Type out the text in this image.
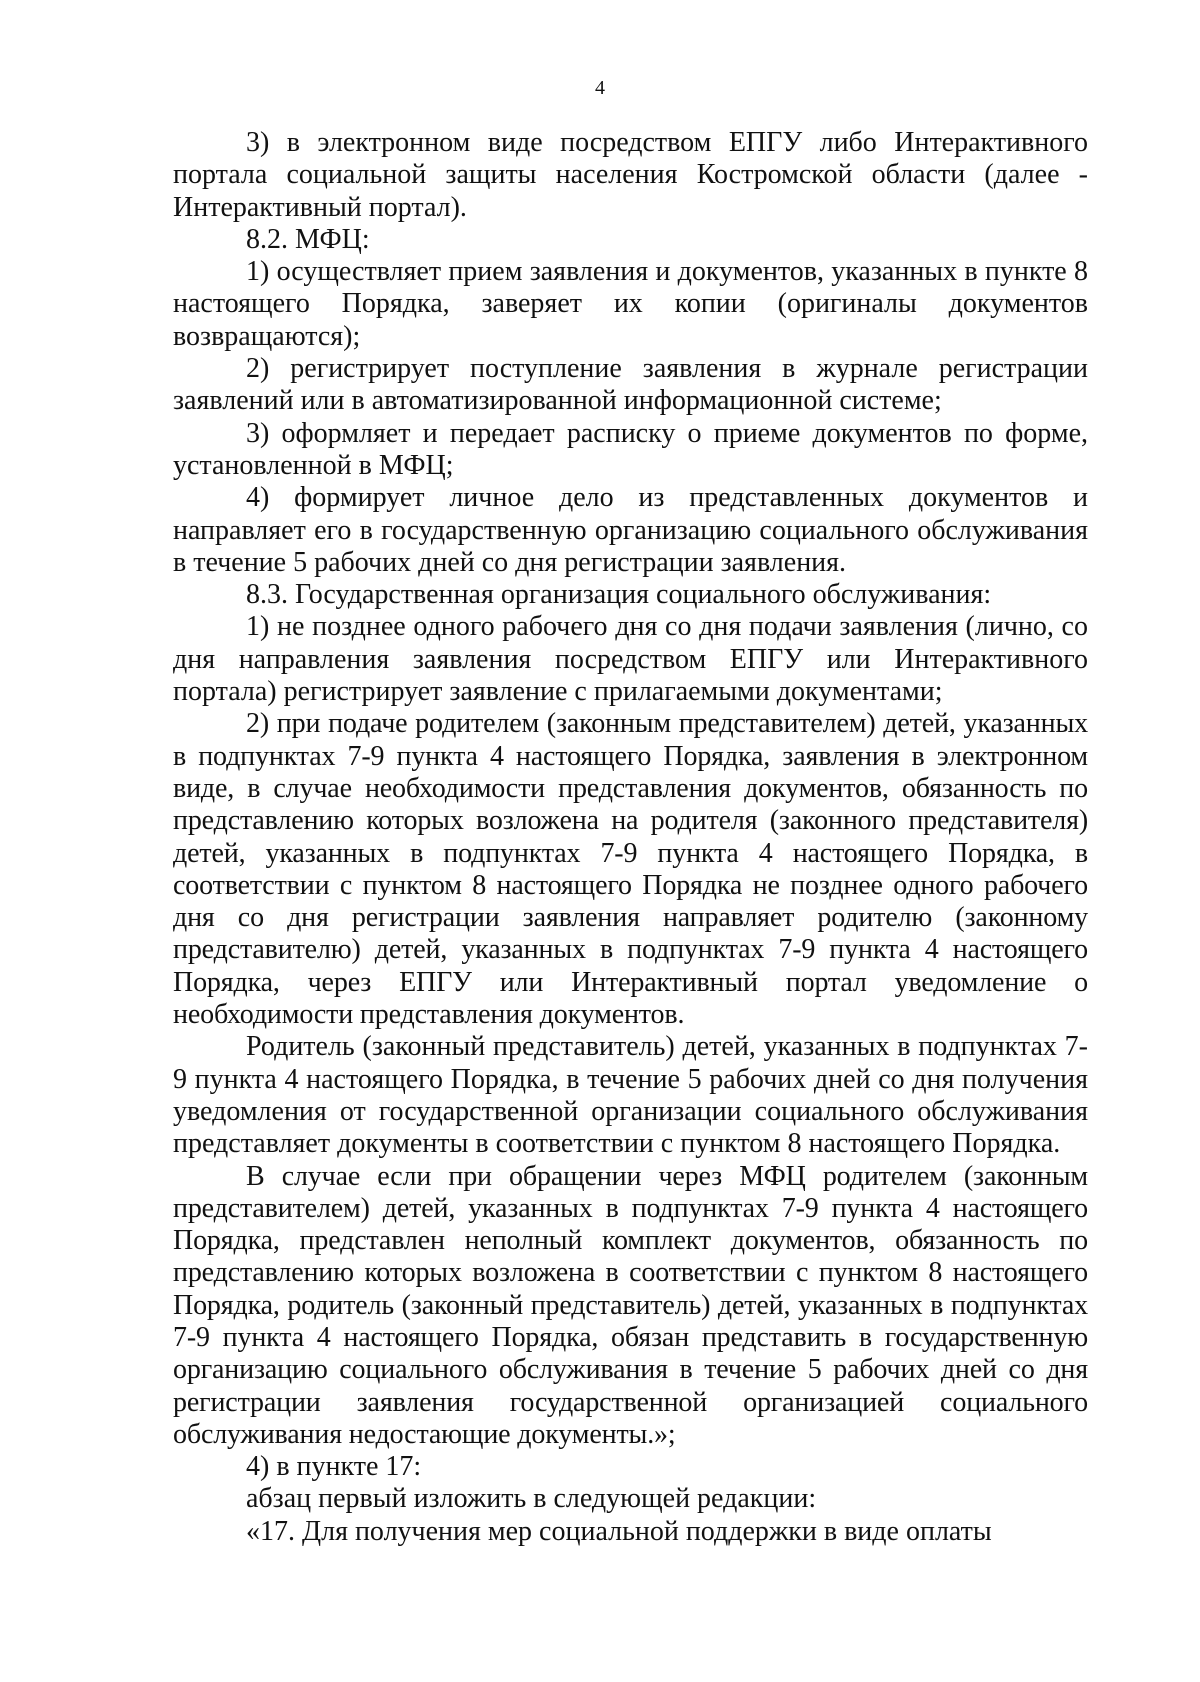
4

3) в электронном виде посредством ЕПГУ либо Интерактивного портала социальной защиты населения Костромской области (далее - Интерактивный портал).

8.2. МФЦ:

1) осуществляет прием заявления и документов, указанных в пункте 8 настоящего Порядка, заверяет их копии (оригиналы документов возвращаются);

2) регистрирует поступление заявления в журнале регистрации заявлений или в автоматизированной информационной системе;

3) оформляет и передает расписку о приеме документов по форме, установленной в МФЦ;

4) формирует личное дело из представленных документов и направляет его в государственную организацию социального обслуживания в течение 5 рабочих дней со дня регистрации заявления.

8.3. Государственная организация социального обслуживания:

1) не позднее одного рабочего дня со дня подачи заявления (лично, со дня направления заявления посредством ЕПГУ или Интерактивного портала) регистрирует заявление с прилагаемыми документами;

2) при подаче родителем (законным представителем) детей, указанных в подпунктах 7-9 пункта 4 настоящего Порядка, заявления в электронном виде, в случае необходимости представления документов, обязанность по представлению которых возложена на родителя (законного представителя) детей, указанных в подпунктах 7-9 пункта 4 настоящего Порядка, в соответствии с пунктом 8 настоящего Порядка не позднее одного рабочего дня со дня регистрации заявления направляет родителю (законному представителю) детей, указанных в подпунктах 7-9 пункта 4 настоящего Порядка, через ЕПГУ или Интерактивный портал уведомление о необходимости представления документов.

Родитель (законный представитель) детей, указанных в подпунктах 7-9 пункта 4 настоящего Порядка, в течение 5 рабочих дней со дня получения уведомления от государственной организации социального обслуживания представляет документы в соответствии с пунктом 8 настоящего Порядка.

В случае если при обращении через МФЦ родителем (законным представителем) детей, указанных в подпунктах 7-9 пункта 4 настоящего Порядка, представлен неполный комплект документов, обязанность по представлению которых возложена в соответствии с пунктом 8 настоящего Порядка, родитель (законный представитель) детей, указанных в подпунктах 7-9 пункта 4 настоящего Порядка, обязан представить в государственную организацию социального обслуживания в течение 5 рабочих дней со дня регистрации заявления государственной организацией социального обслуживания недостающие документы.»;

4) в пункте 17:

абзац первый изложить в следующей редакции:

«17. Для получения мер социальной поддержки в виде оплаты
